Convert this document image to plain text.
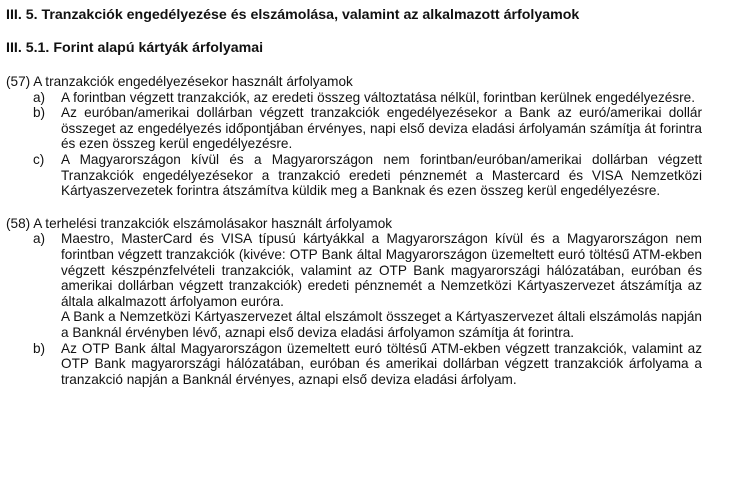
III. 5. Tranzakciók engedélyezése és elszámolása, valamint az alkalmazott árfolyamok
III. 5.1. Forint alapú kártyák árfolyamai

(57) A tranzakciók engedélyezésekor használt árfolyamok

a) A forintban végzett tranzakciók, az eredeti összeg változtatása nélkül, forintban kerülnek engedélyezésre.

b) Az euróban/amerikai dollárban végzett tranzakciók engedélyezésekor a Bank az euró/amerikai dollár összeget az engedélyezés időpontjában érvényes, napi első deviza eladási árfolyamán számítja át forintra és ezen összeg kerül engedélyezésre.

c) A Magyarországon kívül és a Magyarországon nem forintban/euróban/amerikai dollárban végzett Tranzakciók engedélyezésekor a tranzakció eredeti pénznemét a Mastercard és VISA Nemzetközi Kártyaszervezetek forintra átszámítva küldik meg a Banknak és ezen összeg kerül engedélyezésre.

(58) A terhelési tranzakciók elszámolásakor használt árfolyamok

a) Maestro, MasterCard és VISA típusú kártyákkal a Magyarországon kívül és a Magyarországon nem forintban végzett tranzakciók (kivéve: OTP Bank által Magyarországon üzemeltett euró töltésű ATM-ekben végzett készpénzfelvételi tranzakciók, valamint az OTP Bank magyarországi hálózatában, euróban és amerikai dollárban végzett tranzakciók) eredeti pénznemét a Nemzetközi Kártyaszervezet átszámítja az általa alkalmazott árfolyamon euróra.

A Bank a Nemzetközi Kártyaszervezet által elszámolt összeget a Kártyaszervezet általi elszámolás napján a Banknál érvényben lévő, aznapi első deviza eladási árfolyamon számítja át forintra.

b) Az OTP Bank által Magyarországon üzemeltett euró töltésű ATM-ekben végzett tranzakciók, valamint az OTP Bank magyarországi hálózatában, euróban és amerikai dollárban végzett tranzakciók árfolyama a tranzakció napján a Banknál érvényes, aznapi első deviza eladási árfolyam.
